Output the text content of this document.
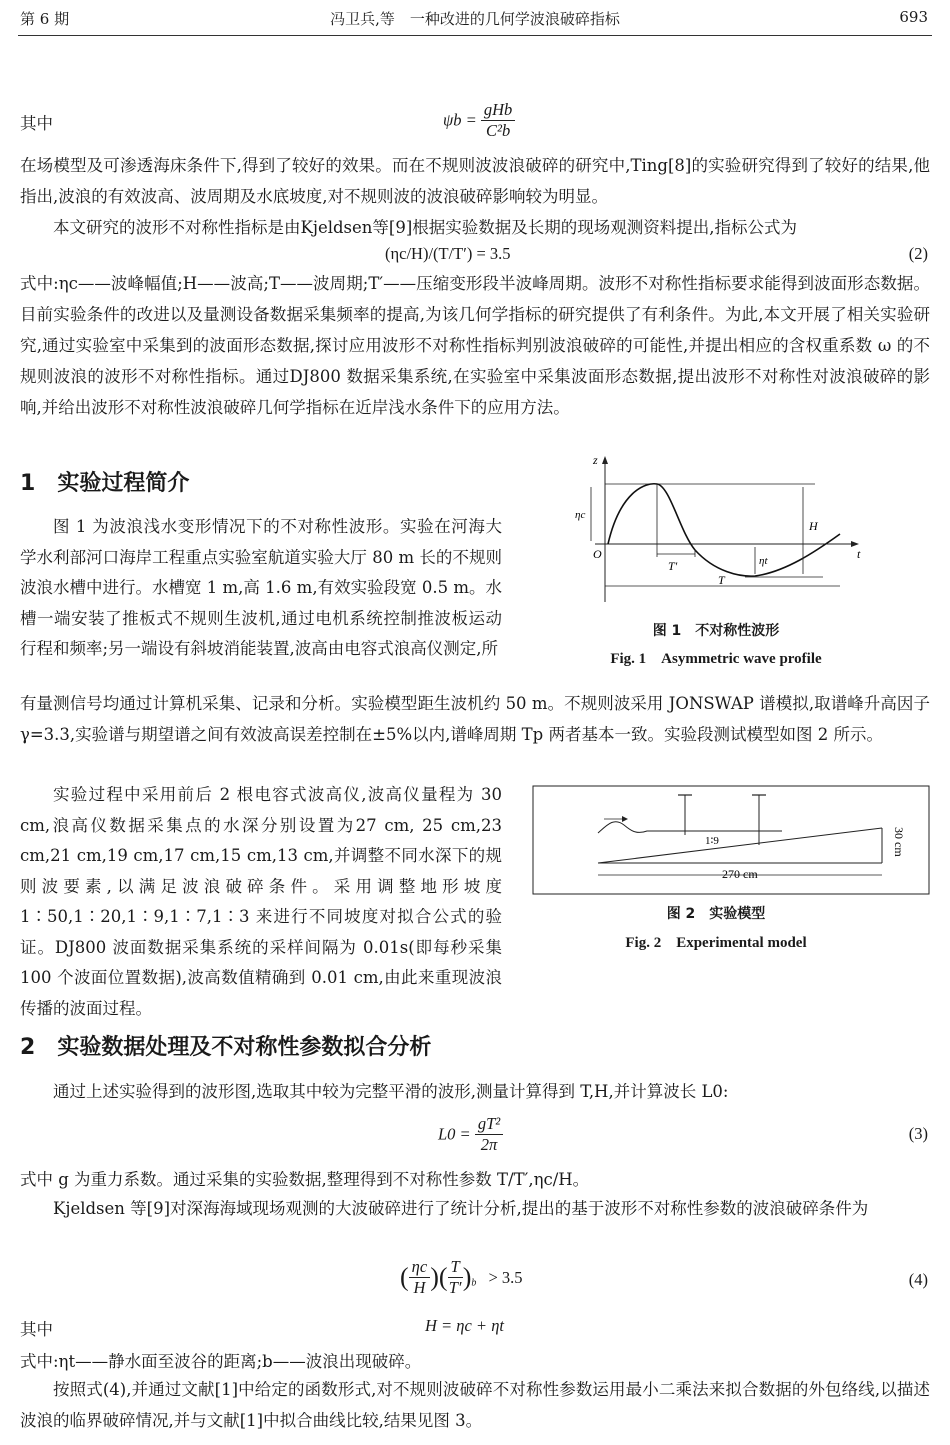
第 6 期	冯卫兵,等　一种改进的几何学波浪破碎指标	693
其中	$\psi b = \frac{\text{gHb}}{\text{C²b}}$
在场模型及可渗透海床条件下,得到了较好的效果。而在不规则波波浪破碎的研究中,Ting[8]的实验研究得到了较好的结果,他指出,波浪的有效波高、波周期及水底坡度,对不规则波的波浪破碎影响较为明显。
本文研究的波形不对称性指标是由Kjeldsen等[9]根据实验数据及长期的现场观测资料提出,指标公式为
(ηc/H)/(T/T′) = 3.5	(2)
式中:ηc——波峰幅值;H——波高;T——波周期;T′——压缩变形段半波峰周期。波形不对称性指标要求能得到波面形态数据。目前实验条件的改进以及量测设备数据采集频率的提高,为该几何学指标的研究提供了有利条件。为此,本文开展了相关实验研究,通过实验室中采集到的波面形态数据,探讨应用波形不对称性指标判别波浪破碎的可能性,并提出相应的含权重系数 ω 的不规则波浪的波形不对称性指标。通过DJ800 数据采集系统,在实验室中采集波面形态数据,提出波形不对称性对波浪破碎的影响,并给出波形不对称性波浪破碎几何学指标在近岸浅水条件下的应用方法。
1　 实验过程简介
图 1 为波浪浅水变形情况下的不对称性波形。实验在河海大学水利部河口海岸工程重点实验室航道实验大厅 80 m 长的不规则波浪水槽中进行。水槽宽 1 m,高 1.6 m,有效实验段宽 0.5 m。水槽一端安装了推板式不规则生波机,通过电机系统控制推波板运动行程和频率;另一端设有斜坡消能装置,波高由电容式浪高仪测定,所
有量测信号均通过计算机采集、记录和分析。实验模型距生波机约 50 m。不规则波采用 JONSWAP 谱模拟,取谱峰升高因子 γ=3.3,实验谱与期望谱之间有效波高误差控制在±5%以内,谱峰周期 Tp 两者基本一致。实验段测试模型如图 2 所示。
实验过程中采用前后 2 根电容式波高仪,波高仪量程为 30 cm,浪高仪数据采集点的水深分别设置为27 cm, 25 cm,23 cm,21 cm,19 cm,17 cm,15 cm,13 cm,并调整不同水深下的规则波要素,以满足波浪破碎条件。采用调整地形坡度 1∶50,1∶20,1∶9,1∶7,1∶3 来进行不同坡度对拟合公式的验证。DJ800 波面数据采集系统的采样间隔为 0.01s(即每秒采集 100 个波面位置数据),波高数值精确到 0.01 cm,由此来重现波浪传播的波面过程。
z
O	t
ηc
ηt
H
T′
T
图 1　不对称性波形
Fig. 1　Asymmetric wave profile
1∶9
270 cm
30 cm
图 2　实验模型
Fig. 2　Experimental model
2　 实验数据处理及不对称性参数拟合分析
通过上述实验得到的波形图,选取其中较为完整平滑的波形,测量计算得到 T,H,并计算波长 L0:
$L0 = \frac{\text{gT²}}{2\pi}$	(3)
式中 g 为重力系数。通过采集的实验数据,整理得到不对称性参数 T/T′,ηc/H。
Kjeldsen 等[9]对深海海域现场观测的大波破碎进行了统计分析,提出的基于波形不对称性参数的波浪破碎条件为
( $\frac{\eta c}{H}$ )( $\frac{T}{T'} )_b > 3.5$	(4)
其中	H = ηc + ηt
式中:ηt——静水面至波谷的距离;b——波浪出现破碎。
按照式(4),并通过文献[1]中给定的函数形式,对不规则波破碎不对称性参数运用最小二乘法来拟合数据的外包络线,以描述波浪的临界破碎情况,并与文献[1]中拟合曲线比较,结果见图 3。
